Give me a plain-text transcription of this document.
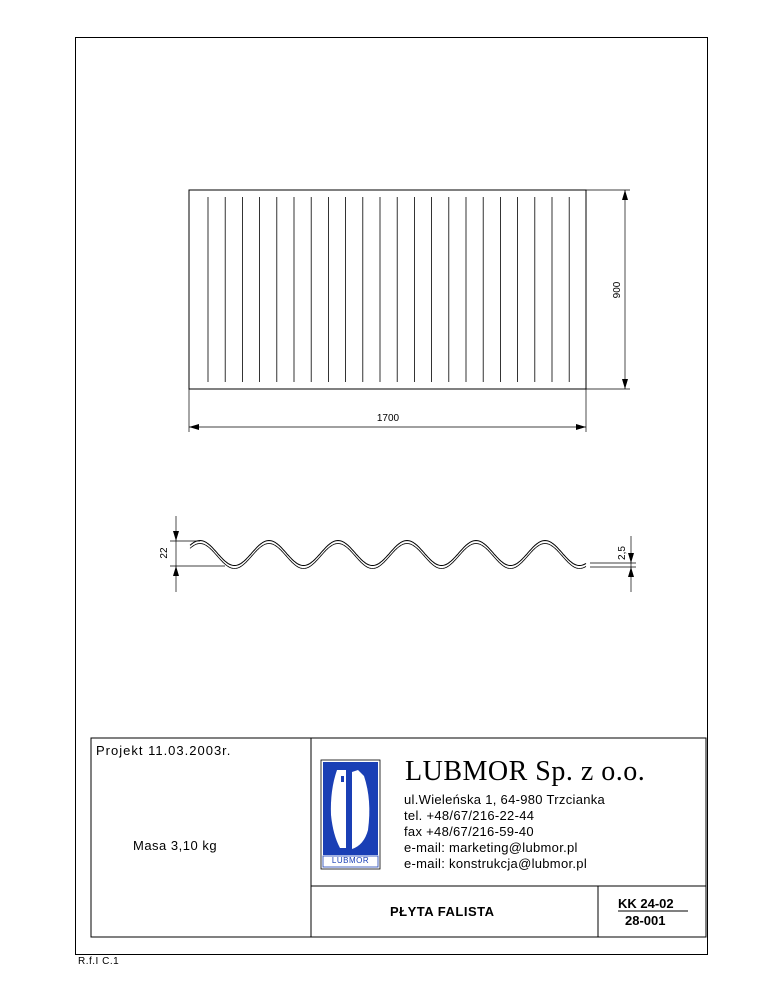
900
1700
22	2,5
LUBMOR
Projekt 11.03.2003r.
Masa 3,10 kg
LUBMOR Sp. z o.o.
ul.Wieleńska 1, 64-980 Trzcianka
tel. +48/67/216-22-44
fax +48/67/216-59-40
e-mail: marketing@lubmor.pl
e-mail: konstrukcja@lubmor.pl
PŁYTA FALISTA
KK 24-02
28-001
R.f.I C.1
